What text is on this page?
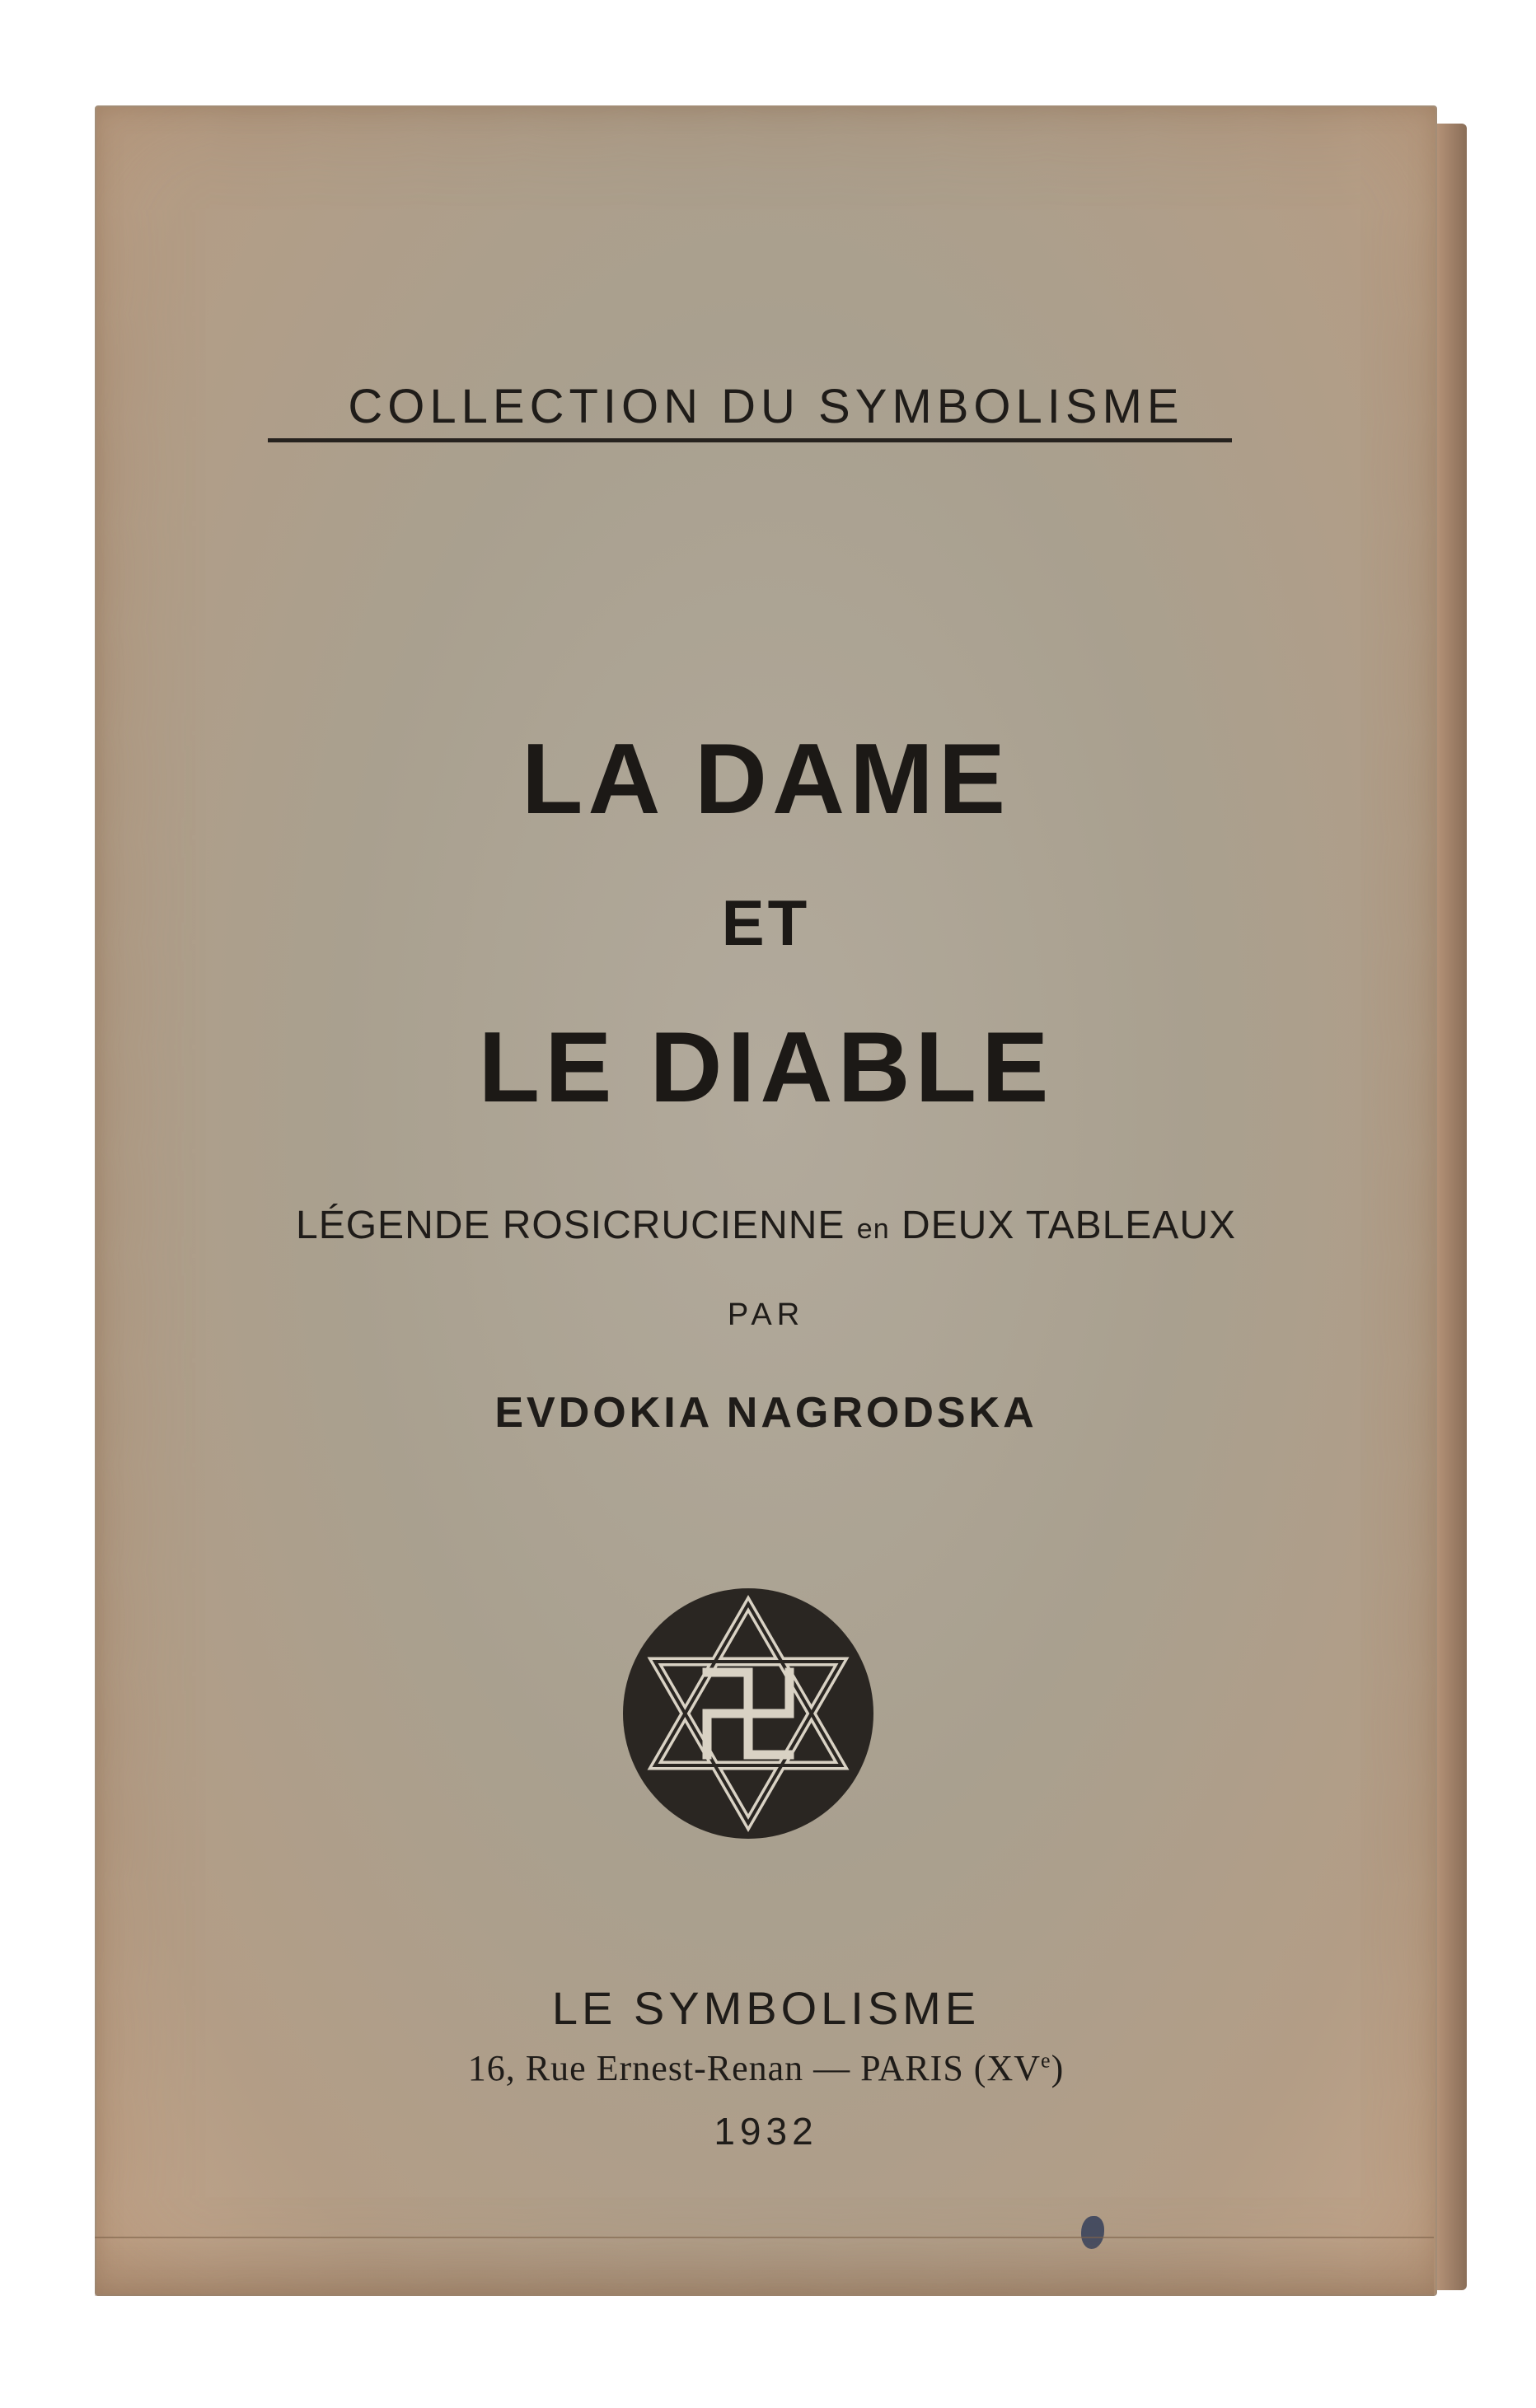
COLLECTION DU SYMBOLISME
LA DAME
ET
LE DIABLE
LÉGENDE ROSICRUCIENNE en DEUX TABLEAUX
PAR
EVDOKIA NAGRODSKA
LE SYMBOLISME
16, Rue Ernest-Renan — PARIS (XVe)
1932
